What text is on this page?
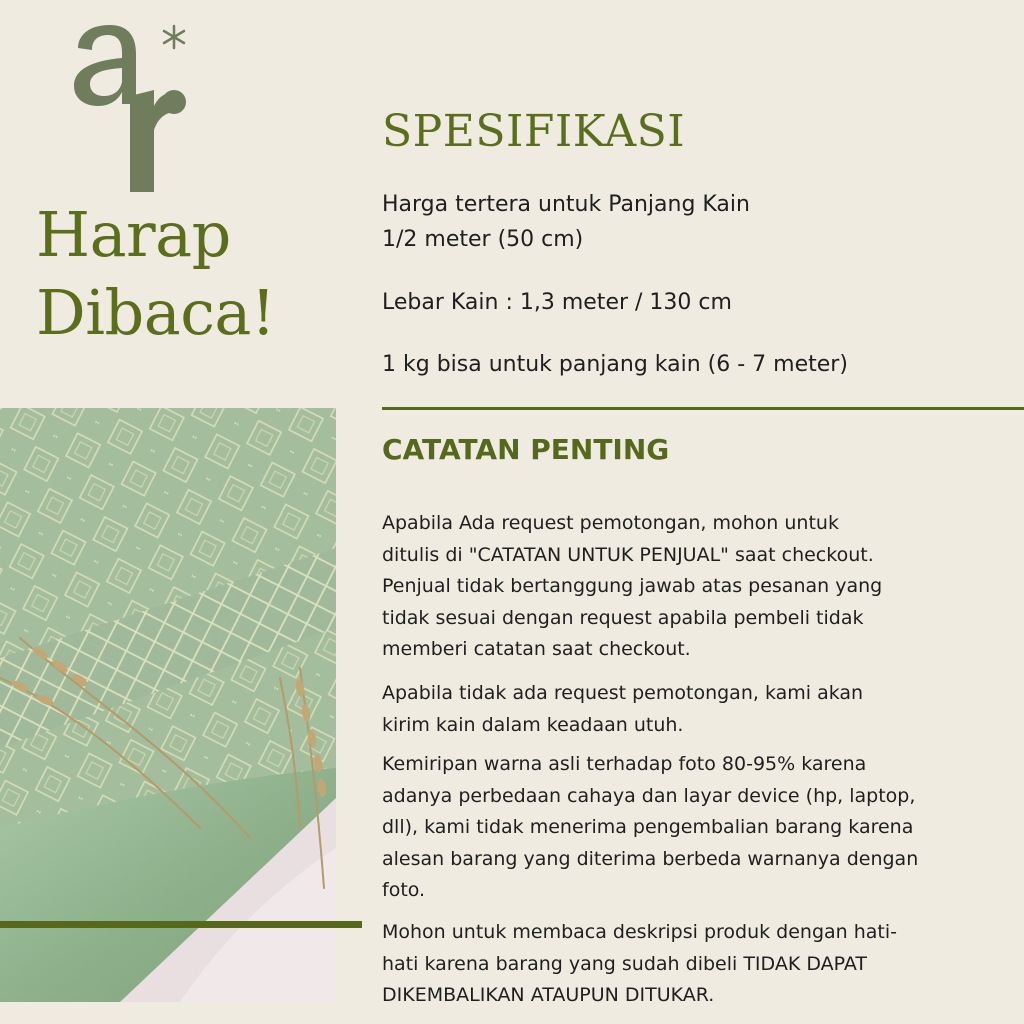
Harap
Dibaca!
SPESIFIKASI
Harga tertera untuk Panjang Kain
1/2 meter (50 cm)
Lebar Kain : 1,3 meter / 130 cm
1 kg bisa untuk panjang kain (6 - 7 meter)
CATATAN PENTING
Apabila Ada request pemotongan, mohon untuk
ditulis di "CATATAN UNTUK PENJUAL" saat checkout.
Penjual tidak bertanggung jawab atas pesanan yang
tidak sesuai dengan request apabila pembeli tidak
memberi catatan saat checkout.
Apabila tidak ada request pemotongan, kami akan
kirim kain dalam keadaan utuh.
Kemiripan warna asli terhadap foto 80-95% karena
adanya perbedaan cahaya dan layar device (hp, laptop,
dll), kami tidak menerima pengembalian barang karena
alesan barang yang diterima berbeda warnanya dengan
foto.
Mohon untuk membaca deskripsi produk dengan hati-
hati karena barang yang sudah dibeli TIDAK DAPAT
DIKEMBALIKAN ATAUPUN DITUKAR.
